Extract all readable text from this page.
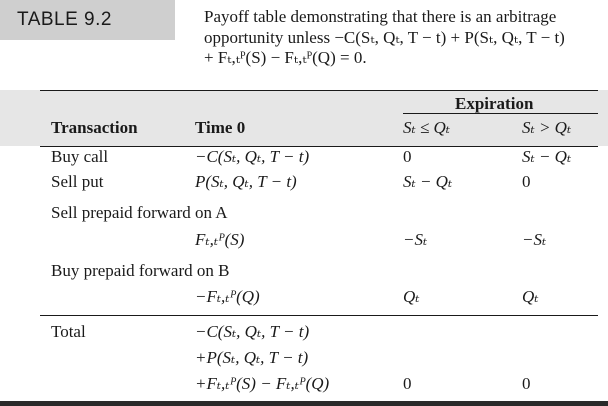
TABLE 9.2	Payoff table demonstrating that there is an arbitrage
opportunity unless −C(Sₜ, Qₜ, T − t) + P(Sₜ, Qₜ, T − t)
+ Fₜ,ₜᴾ(S) − Fₜ,ₜᴾ(Q) = 0.
Expiration
Transaction	Time 0	Sₜ ≤ Qₜ	Sₜ > Qₜ
Buy call	−C(Sₜ, Qₜ, T − t)	0	Sₜ − Qₜ
Sell put	P(Sₜ, Qₜ, T − t)	Sₜ − Qₜ	0
Sell prepaid forward on A
Fₜ,ₜᴾ(S)	−Sₜ	−Sₜ
Buy prepaid forward on B
−Fₜ,ₜᴾ(Q)	Qₜ	Qₜ
Total	−C(Sₜ, Qₜ, T − t)
+P(Sₜ, Qₜ, T − t)
+Fₜ,ₜᴾ(S) − Fₜ,ₜᴾ(Q)	0	0
